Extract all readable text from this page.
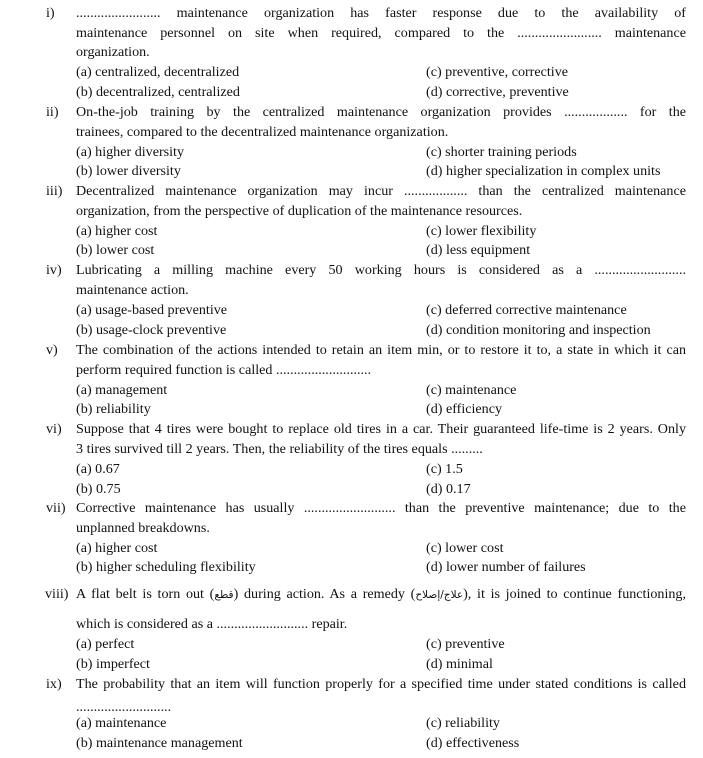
i) ........................ maintenance organization has faster response due to the availability of
maintenance personnel on site when required, compared to the ........................ maintenance
organization.
(a) centralized, decentralized
(b) decentralized, centralized
(c) preventive, corrective
(d) corrective, preventive
ii) On-the-job training by the centralized maintenance organization provides .................. for the
trainees, compared to the decentralized maintenance organization.
(a) higher diversity
(b) lower diversity
(c) shorter training periods
(d) higher specialization in complex units
iii) Decentralized maintenance organization may incur .................. than the centralized maintenance
organization, from the perspective of duplication of the maintenance resources.
(a) higher cost
(b) lower cost
(c) lower flexibility
(d) less equipment
iv) Lubricating a milling machine every 50 working hours is considered as a ..........................
maintenance action.
(a) usage-based preventive
(b) usage-clock preventive
(c) deferred corrective maintenance
(d) condition monitoring and inspection
v) The combination of the actions intended to retain an item min, or to restore it to, a state in which it can
perform required function is called ...........................
(a) management
(b) reliability
(c) maintenance
(d) efficiency
vi) Suppose that 4 tires were bought to replace old tires in a car. Their guaranteed life-time is 2 years. Only
3 tires survived till 2 years. Then, the reliability of the tires equals .........
(a) 0.67
(b) 0.75
(c) 1.5
(d) 0.17
vii) Corrective maintenance has usually .......................... than the preventive maintenance; due to the
unplanned breakdowns.
(a) higher cost
(b) higher scheduling flexibility
(c) lower cost
(d) lower number of failures
viii) A flat belt is torn out (قطع) during action. As a remedy (علاج/إصلاح), it is joined to continue functioning,
which is considered as a .......................... repair.
(a) perfect
(b) imperfect
(c) preventive
(d) minimal
ix) The probability that an item will function properly for a specified time under stated conditions is called
...........................
(a) maintenance
(b) maintenance management
(c) reliability
(d) effectiveness
